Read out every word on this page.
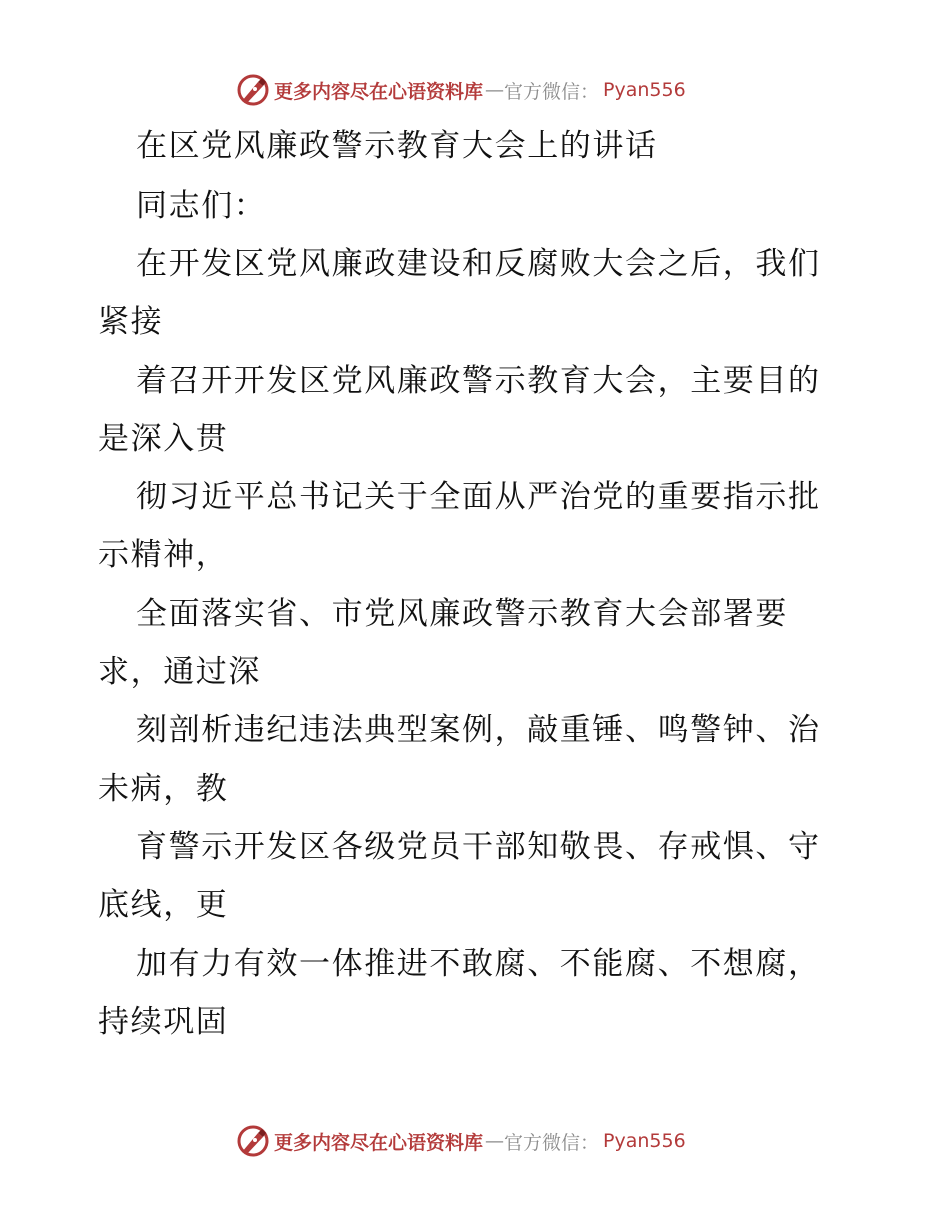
更多内容尽在心语资料库 — 官方微信： Pyan556
在区党风廉政警示教育大会上的讲话
同志们：
在开发区党风廉政建设和反腐败大会之后，我们
紧接
着召开开发区党风廉政警示教育大会，主要目的
是深入贯
彻习近平总书记关于全面从严治党的重要指示批
示精神，
全面落实省、市党风廉政警示教育大会部署要
求，通过深
刻剖析违纪违法典型案例，敲重锤、鸣警钟、治
未病，教
育警示开发区各级党员干部知敬畏、存戒惧、守
底线，更
加有力有效一体推进不敢腐、不能腐、不想腐，
持续巩固
更多内容尽在心语资料库 — 官方微信： Pyan556
